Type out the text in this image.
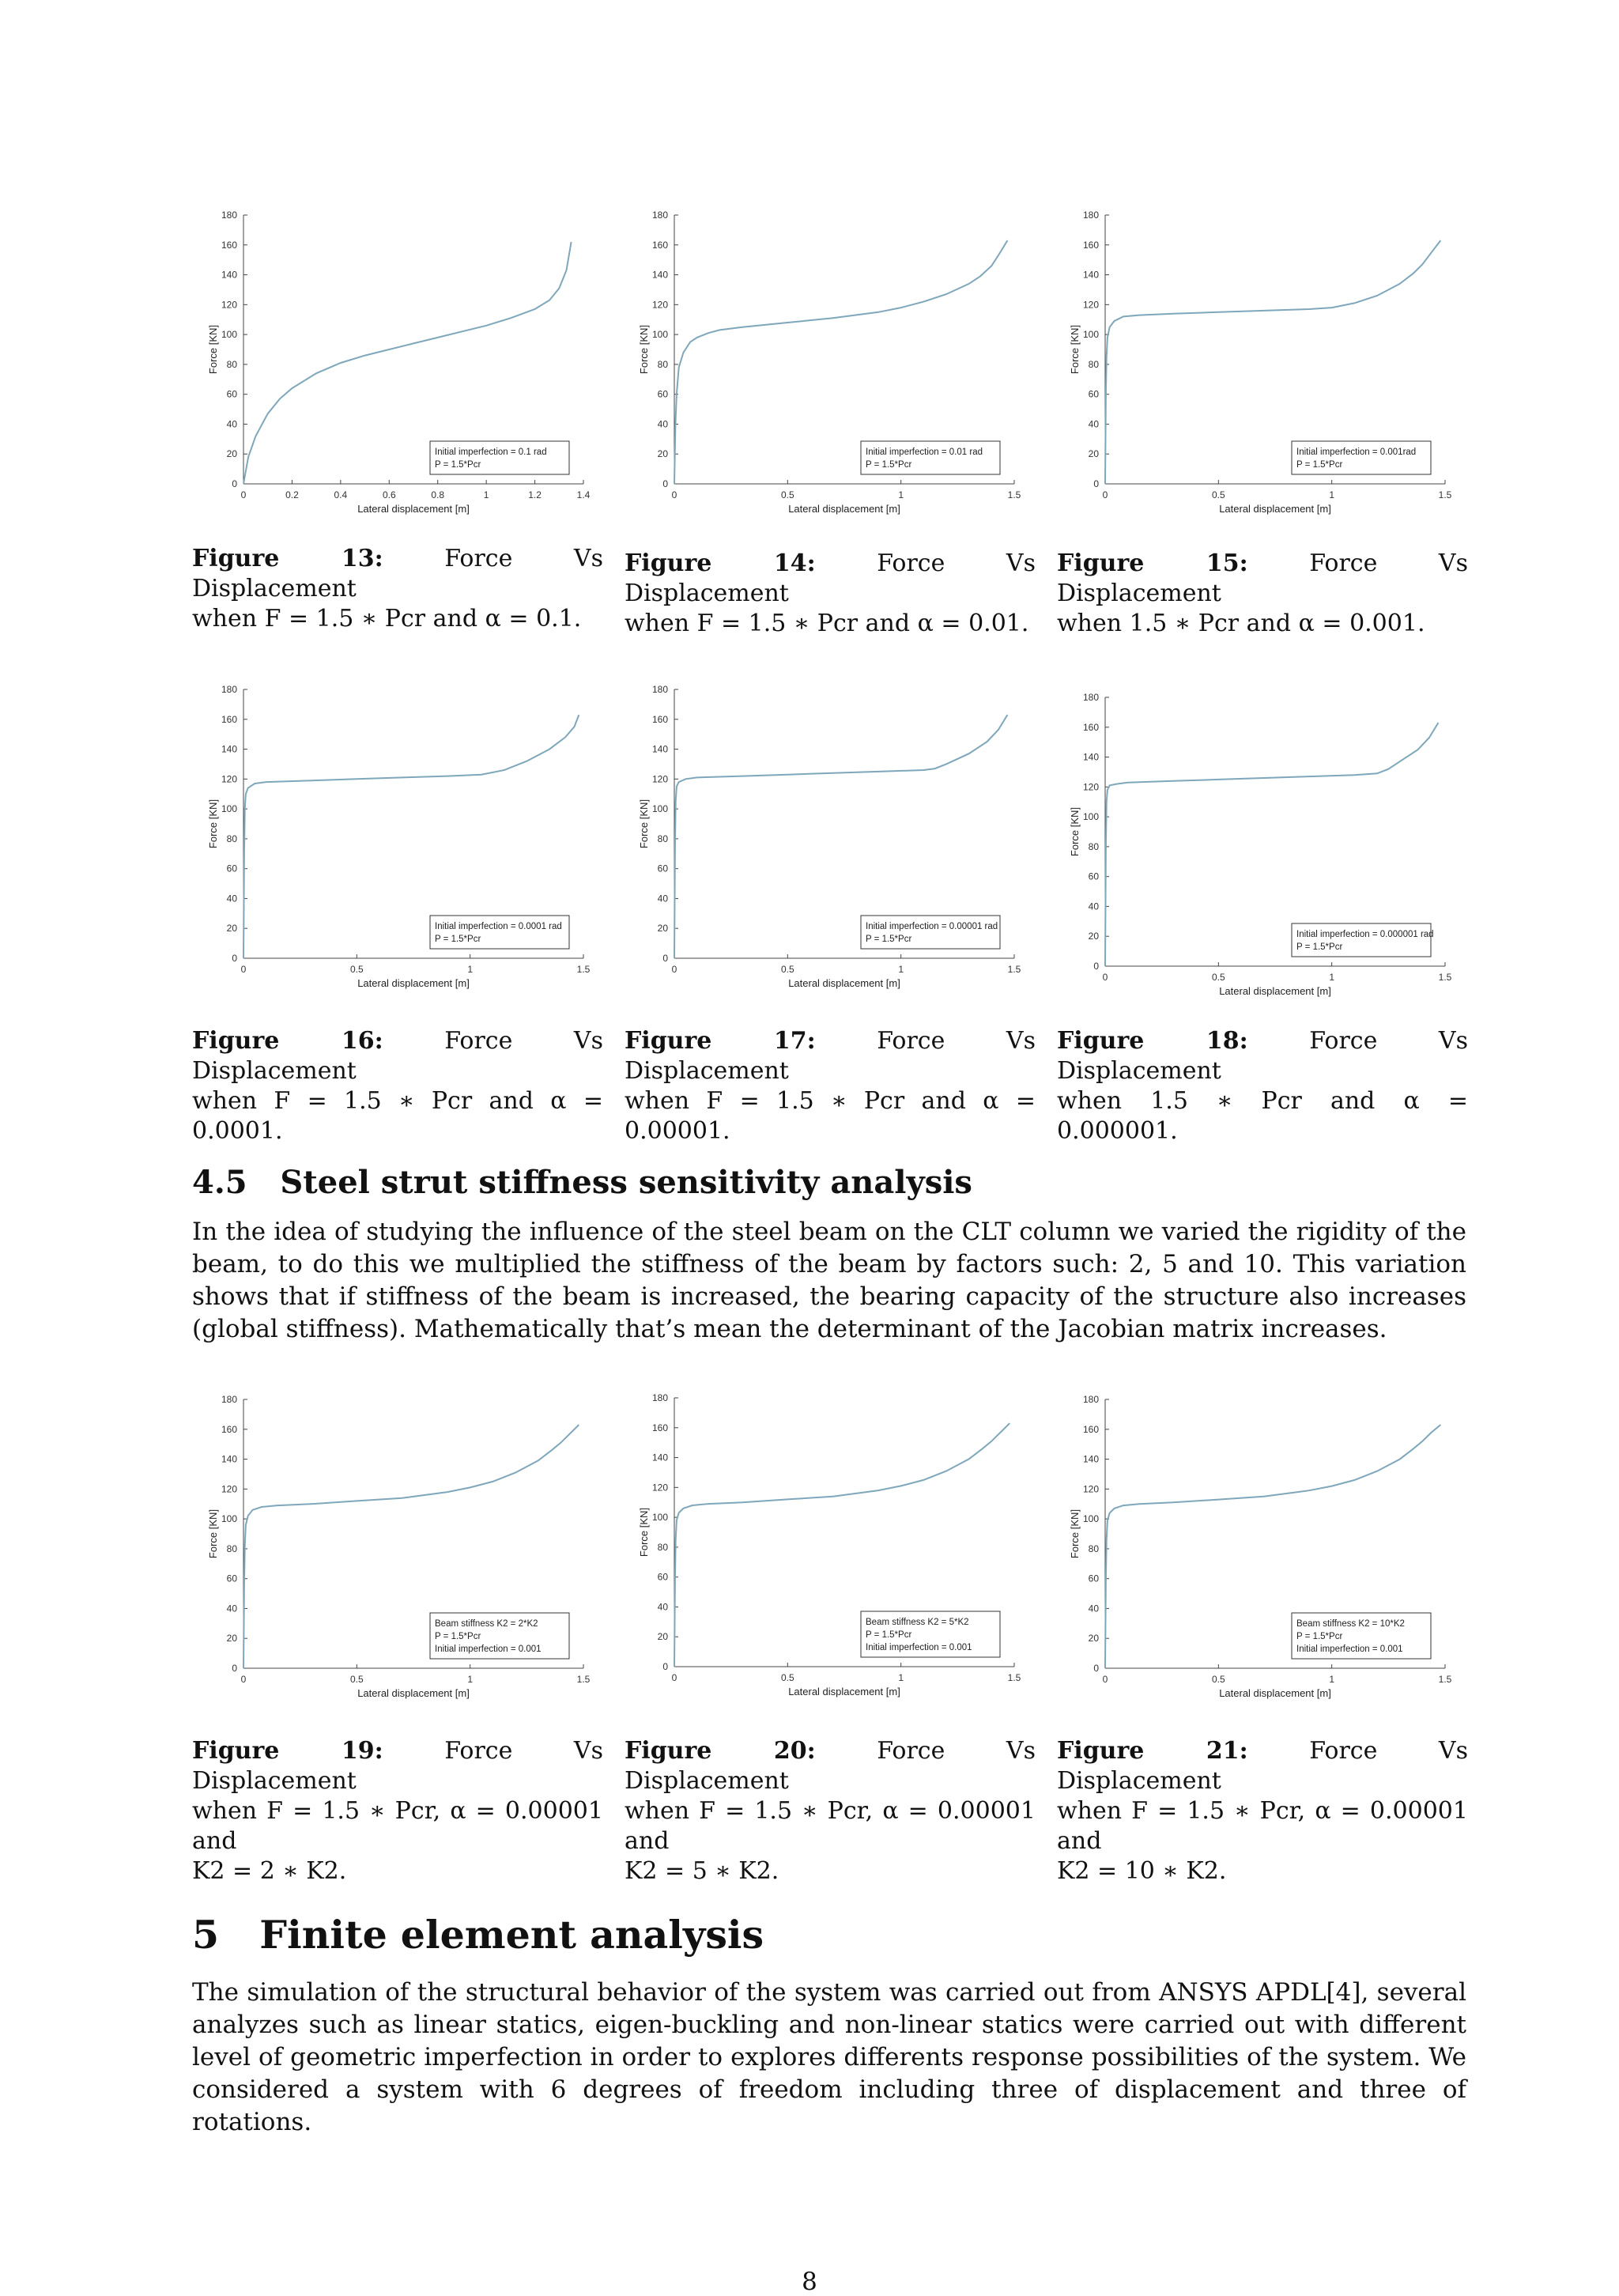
0
20
40
60
80
100
120
140
160
180
0	0.2	0.4	0.6	0.8	1	1.2	1.4
Lateral displacement [m]
Force [KN]
Initial imperfection = 0.1 rad
P = 1.5*Pcr
0
20
40
60
80
100
120
140
160
180
0	0.5	1	1.5
Lateral displacement [m]
Force [KN]
Initial imperfection = 0.01 rad
P = 1.5*Pcr
0
20
40
60
80
100
120
140
160
180
0	0.5	1	1.5
Lateral displacement [m]
Force [KN]
Initial imperfection = 0.001rad
P = 1.5*Pcr
Figure 13:	Force Vs Displacement
when F = 1.5 ∗ Pcr and α = 0.1.
Figure 14:	Force Vs Displacement
when F = 1.5 ∗ Pcr and α = 0.01.
Figure 15:	Force Vs Displacement
when 1.5 ∗ Pcr and α = 0.001.
0
20
40
60
80
100
120
140
160
180
0	0.5	1	1.5
Lateral displacement [m]
Force [KN]
Initial imperfection = 0.0001 rad
P = 1.5*Pcr
0
20
40
60
80
100
120
140
160
180
0	0.5	1	1.5
Lateral displacement [m]
Force [KN]
Initial imperfection = 0.00001 rad
P = 1.5*Pcr
0
20
40
60
80
100
120
140
160
180
0	0.5	1	1.5
Lateral displacement [m]
Force [KN]
Initial imperfection = 0.000001 rad
P = 1.5*Pcr
Figure 16:	Force Vs Displacement
when F = 1.5 ∗ Pcr and α = 0.0001.
Figure 17:	Force Vs Displacement
when F = 1.5 ∗ Pcr and α = 0.00001.
Figure 18:	Force Vs Displacement
when 1.5 ∗ Pcr and α = 0.000001.
4.5 Steel strut stiffness sensitivity analysis
In the idea of studying the influence of the steel beam on the CLT column we varied the rigidity of the beam, to do this we multiplied the stiffness of the beam by factors such: 2, 5 and 10. This variation shows that if stiffness of the beam is increased, the bearing capacity of the structure also increases (global stiffness). Mathematically that’s mean the determinant of the Jacobian matrix increases.
0
20
40
60
80
100
120
140
160
180
0	0.5	1	1.5
Lateral displacement [m]
Force [KN]
Beam stiffness K2 = 2*K2
P = 1.5*Pcr
Initial imperfection = 0.001
0
20
40
60
80
100
120
140
160
180
0	0.5	1	1.5
Lateral displacement [m]
Force [KN]
Beam stiffness K2 = 5*K2
P = 1.5*Pcr
Initial imperfection = 0.001
0
20
40
60
80
100
120
140
160
180
0	0.5	1	1.5
Lateral displacement [m]
Force [KN]
Beam stiffness K2 = 10*K2
P = 1.5*Pcr
Initial imperfection = 0.001
Figure 19:	Force Vs Displacement
when F = 1.5 ∗ Pcr, α = 0.00001 and
K2 = 2 ∗ K2.
Figure 20:	Force Vs Displacement
when F = 1.5 ∗ Pcr, α = 0.00001 and
K2 = 5 ∗ K2.
Figure 21:	Force Vs Displacement
when F = 1.5 ∗ Pcr, α = 0.00001 and
K2 = 10 ∗ K2.
5 Finite element analysis
The simulation of the structural behavior of the system was carried out from ANSYS APDL[4], several analyzes such as linear statics, eigen-buckling and non-linear statics were carried out with different level of geometric imperfection in order to explores differents response possibilities of the system. We considered a system with 6 degrees of freedom including three of displacement and three of rotations.
8
